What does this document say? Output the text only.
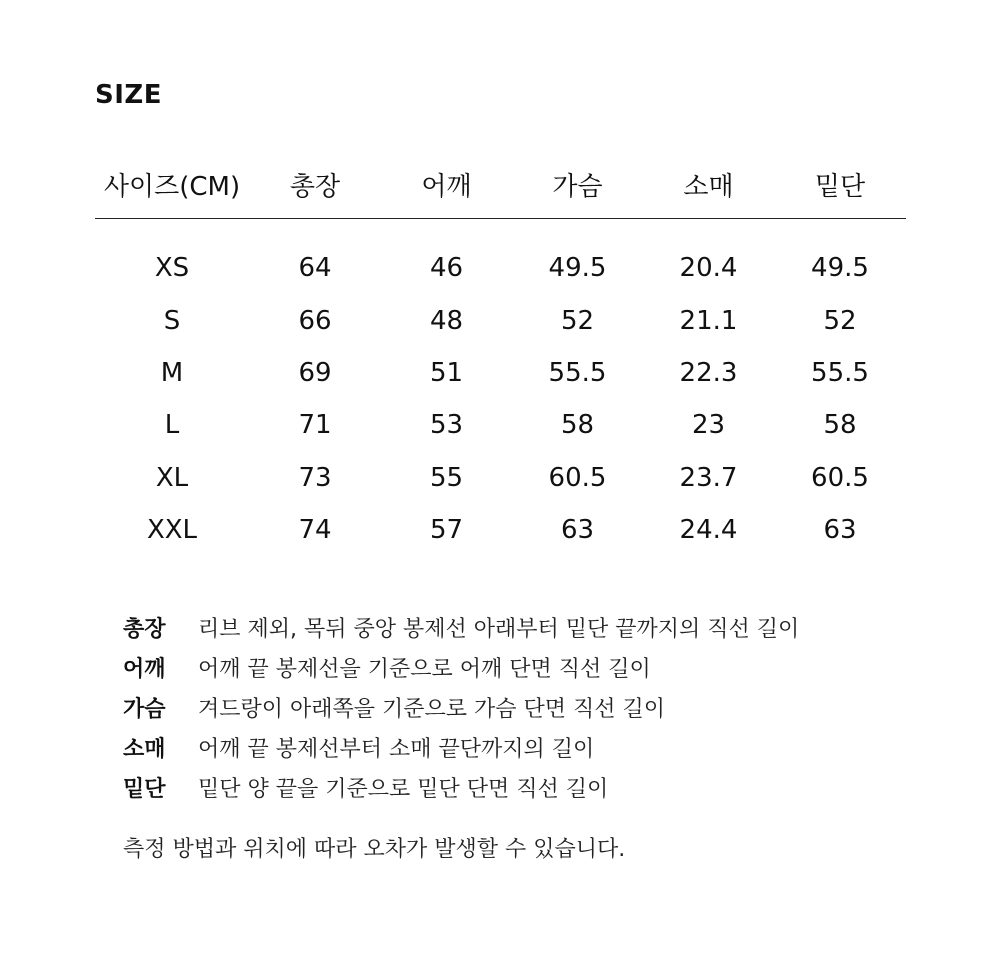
SIZE
사이즈(CM)	총장	어깨	가슴	소매	밑단
XS	64	46	49.5	20.4	49.5
S	66	48	52	21.1	52
M	69	51	55.5	22.3	55.5
L	71	53	58	23	58
XL	73	55	60.5	23.7	60.5
XXL	74	57	63	24.4	63
총장	리브 제외, 목뒤 중앙 봉제선 아래부터 밑단 끝까지의 직선 길이
어깨	어깨 끝 봉제선을 기준으로 어깨 단면 직선 길이
가슴	겨드랑이 아래쪽을 기준으로 가슴 단면 직선 길이
소매	어깨 끝 봉제선부터 소매 끝단까지의 길이
밑단	밑단 양 끝을 기준으로 밑단 단면 직선 길이
측정 방법과 위치에 따라 오차가 발생할 수 있습니다.
